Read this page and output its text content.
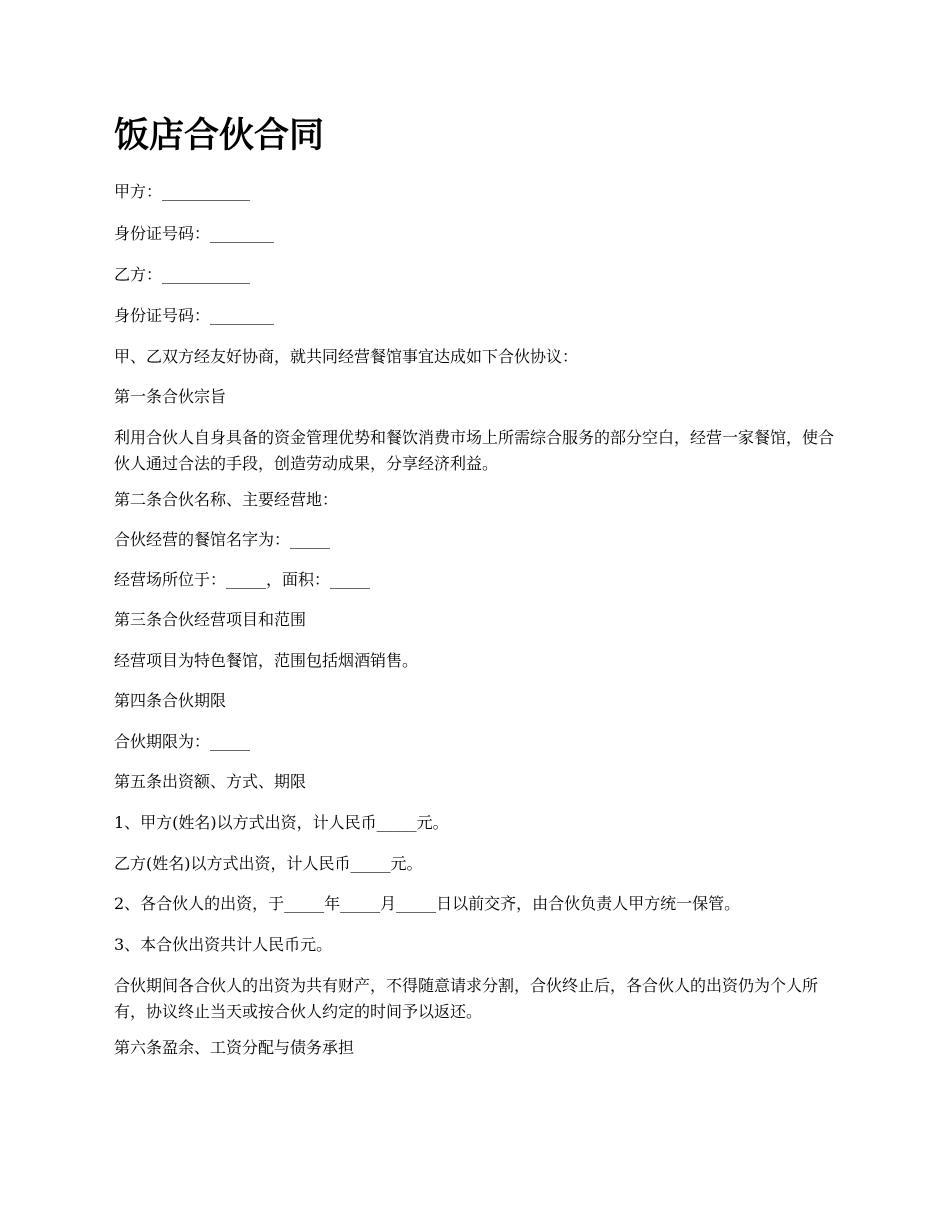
饭店合伙合同

甲方：___________

身份证号码：________

乙方：___________

身份证号码：________

甲、乙双方经友好协商，就共同经营餐馆事宜达成如下合伙协议：

第一条合伙宗旨

利用合伙人自身具备的资金管理优势和餐饮消费市场上所需综合服务的部分空白，经营一家餐馆，使合伙人通过合法的手段，创造劳动成果，分享经济利益。

第二条合伙名称、主要经营地：

合伙经营的餐馆名字为：_____

经营场所位于：_____，面积：_____

第三条合伙经营项目和范围

经营项目为特色餐馆，范围包括烟酒销售。

第四条合伙期限

合伙期限为：_____

第五条出资额、方式、期限

1、甲方(姓名)以方式出资，计人民币_____元。

乙方(姓名)以方式出资，计人民币_____元。

2、各合伙人的出资，于_____年_____月_____日以前交齐，由合伙负责人甲方统一保管。

3、本合伙出资共计人民币元。

合伙期间各合伙人的出资为共有财产，不得随意请求分割，合伙终止后，各合伙人的出资仍为个人所有，协议终止当天或按合伙人约定的时间予以返还。

第六条盈余、工资分配与债务承担
